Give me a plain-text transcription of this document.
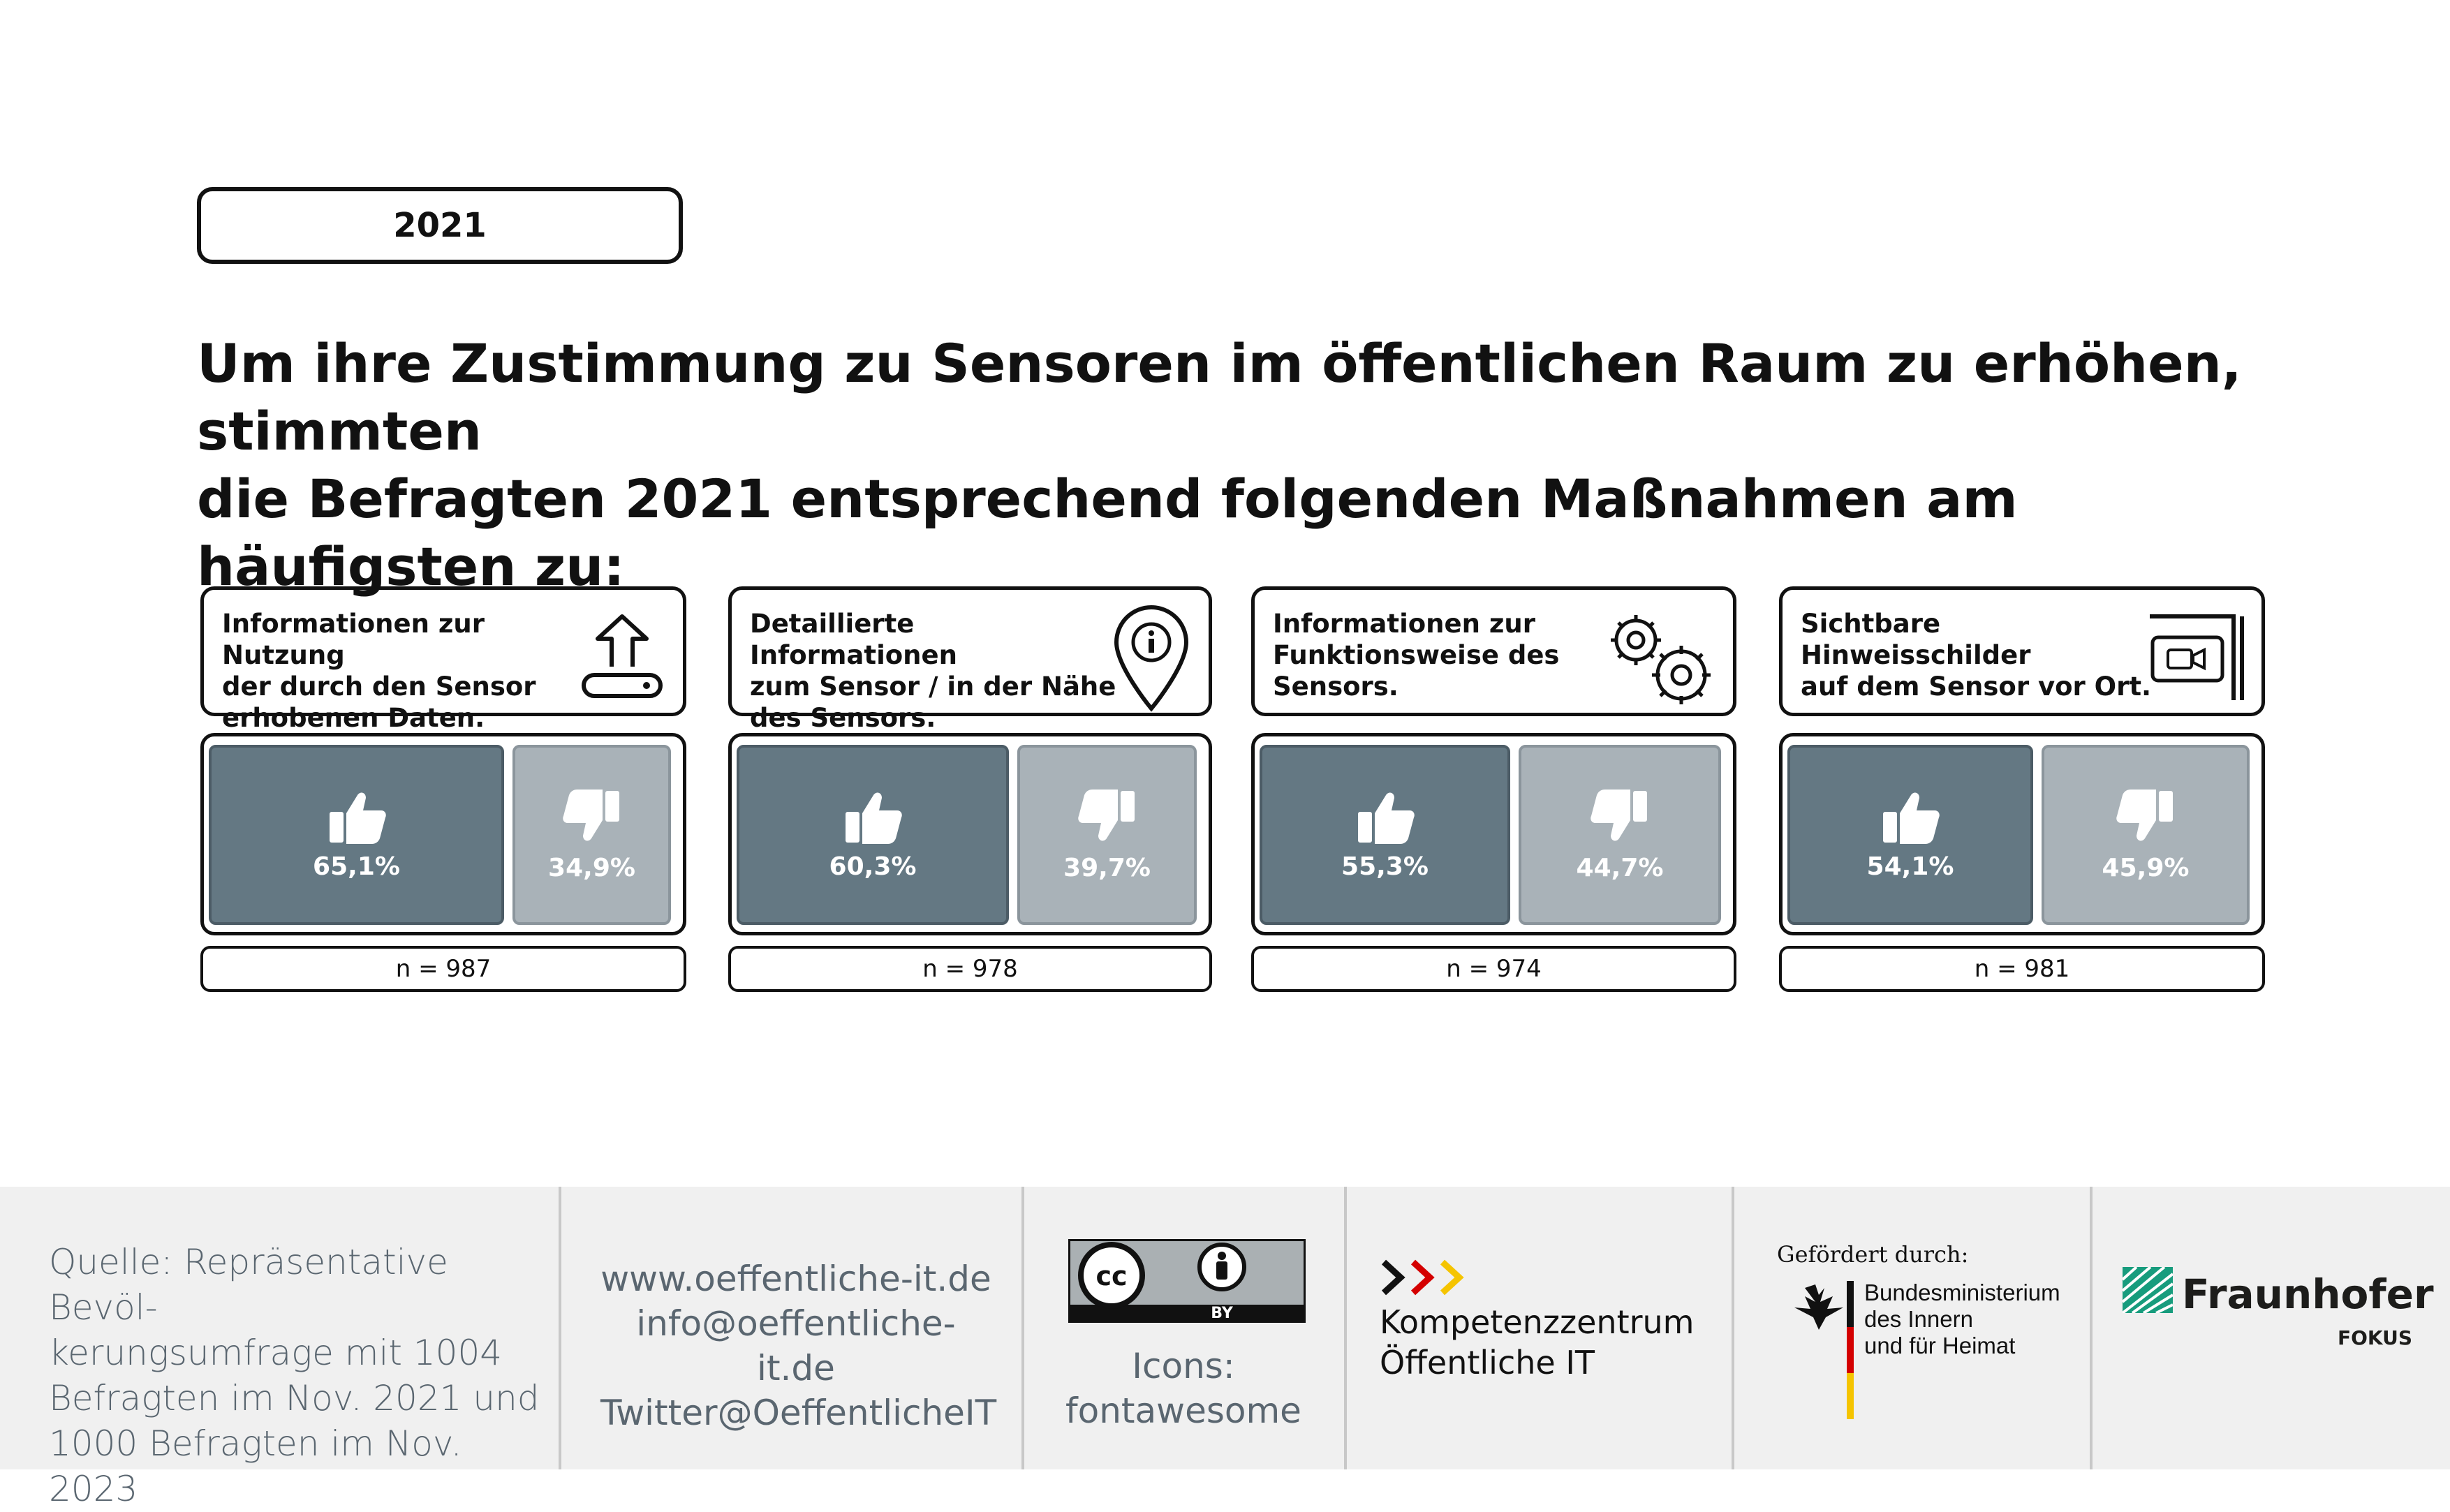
2021
Um ihre Zustimmung zu Sensoren im öffentlichen Raum zu erhöhen, stimmten
die Befragten 2021 entsprechend folgenden Maßnahmen am häufigsten zu:
Informationen zur Nutzung
der durch den Sensor
erhobenen Daten.
65,1%	34,9%
n = 987
Detaillierte Informationen
zum Sensor / in der Nähe
des Sensors.
60,3%	39,7%
n = 978
Informationen zur
Funktionsweise des
Sensors.
55,3%	44,7%
n = 974
Sichtbare Hinweisschilder
auf dem Sensor vor Ort.
54,1%	45,9%
n = 981
Quelle: Repräsentative Bevöl-
kerungsumfrage mit 1004
Befragten im Nov. 2021 und
1000 Befragten im Nov. 2023
www.oeffentliche-it.de
info@oeffentliche-it.de
Twitter@OeffentlicheIT
cc
BY
Icons:
fontawesome
Kompetenzzentrum
Öffentliche IT
Gefördert durch:
Bundesministerium
des Innern
und für Heimat
Fraunhofer
FOKUS
